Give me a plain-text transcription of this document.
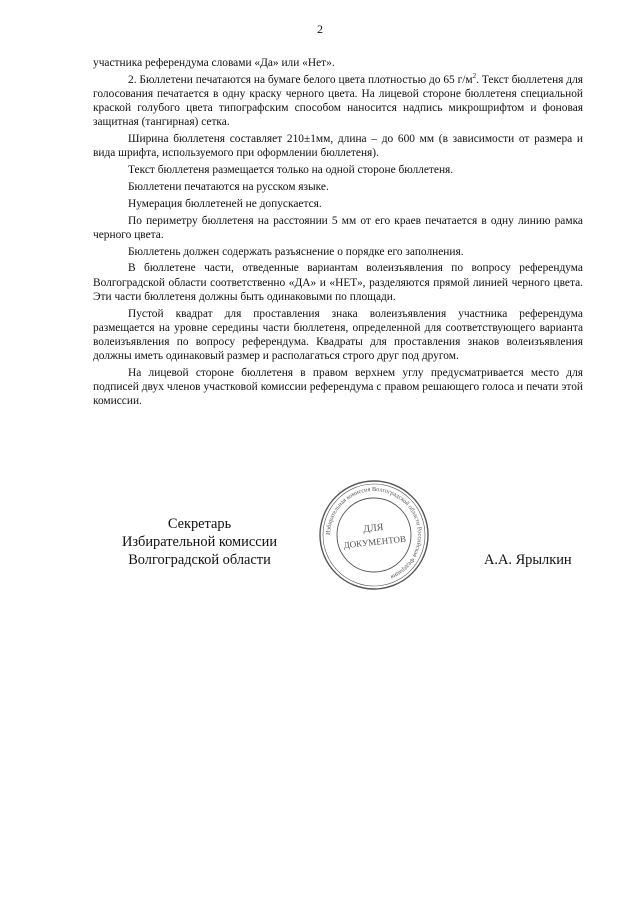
2

участника референдума словами «Да» или «Нет».

2. Бюллетени печатаются на бумаге белого цвета плотностью до 65 $г/м^2$. Текст бюллетеня для голосования печатается в одну краску черного цвета. На лицевой стороне бюллетеня специальной краской голубого цвета типографским способом наносится надпись микрошрифтом и фоновая защитная (тангирная) сетка.

Ширина бюллетеня составляет 210±1мм, длина – до 600 мм (в зависимости от размера и вида шрифта, используемого при оформлении бюллетеня).

Текст бюллетеня размещается только на одной стороне бюллетеня.

Бюллетени печатаются на русском языке.

Нумерация бюллетеней не допускается.

По периметру бюллетеня на расстоянии 5 мм от его краев печатается в одну линию рамка черного цвета.

Бюллетень должен содержать разъяснение о порядке его заполнения.

В бюллетене части, отведенные вариантам волеизъявления по вопросу референдума Волгоградской области соответственно «ДА» и «НЕТ», разделяются прямой линией черного цвета. Эти части бюллетеня должны быть одинаковыми по площади.

Пустой квадрат для проставления знака волеизъявления участника референдума размещается на уровне середины части бюллетеня, определенной для соответствующего варианта волеизъявления по вопросу референдума. Квадраты для проставления знаков волеизъявления должны иметь одинаковый размер и располагаться строго друг под другом.

На лицевой стороне бюллетеня в правом верхнем углу предусматривается место для подписей двух членов участковой комиссии референдума с правом решающего голоса и печати этой комиссии.

Секретарь
Избирательной комиссии
Волгоградской области
Избирательная комиссия Волгоградской области Российская Федерация
ДЛЯ
ДОКУМЕНТОВ
А.А. Ярылкин
